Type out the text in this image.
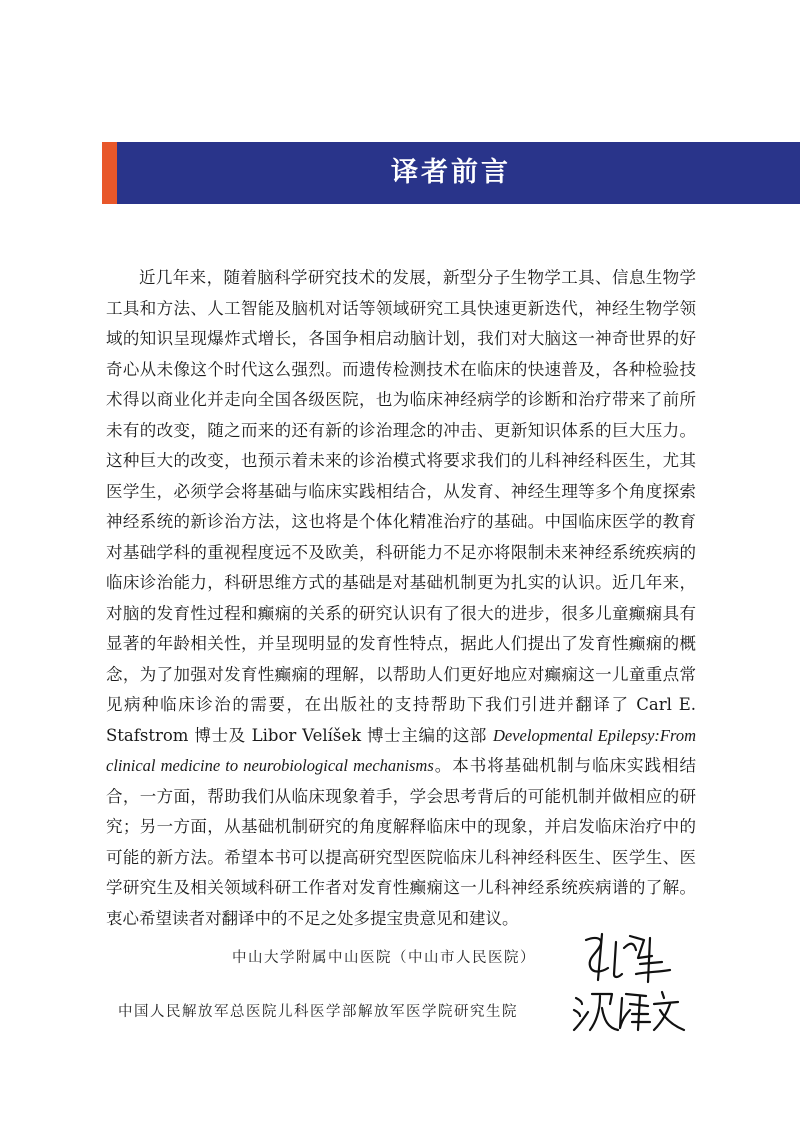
译者前言

近几年来，随着脑科学研究技术的发展，新型分子生物学工具、信息生物学工具和方法、人工智能及脑机对话等领域研究工具快速更新迭代，神经生物学领域的知识呈现爆炸式增长，各国争相启动脑计划，我们对大脑这一神奇世界的好奇心从未像这个时代这么强烈。而遗传检测技术在临床的快速普及，各种检验技术得以商业化并走向全国各级医院，也为临床神经病学的诊断和治疗带来了前所未有的改变，随之而来的还有新的诊治理念的冲击、更新知识体系的巨大压力。这种巨大的改变，也预示着未来的诊治模式将要求我们的儿科神经科医生，尤其医学生，必须学会将基础与临床实践相结合，从发育、神经生理等多个角度探索神经系统的新诊治方法，这也将是个体化精准治疗的基础。中国临床医学的教育对基础学科的重视程度远不及欧美，科研能力不足亦将限制未来神经系统疾病的临床诊治能力，科研思维方式的基础是对基础机制更为扎实的认识。近几年来，对脑的发育性过程和癫痫的关系的研究认识有了很大的进步，很多儿童癫痫具有显著的年龄相关性，并呈现明显的发育性特点，据此人们提出了发育性癫痫的概念，为了加强对发育性癫痫的理解，以帮助人们更好地应对癫痫这一儿童重点常见病种临床诊治的需要，在出版社的支持帮助下我们引进并翻译了 Carl E. Stafstrom 博士及 Libor Velíšek 博士主编的这部 Developmental Epilepsy:From clinical medicine to neurobiological mechanisms。本书将基础机制与临床实践相结合，一方面，帮助我们从临床现象着手，学会思考背后的可能机制并做相应的研究；另一方面，从基础机制研究的角度解释临床中的现象，并启发临床治疗中的可能的新方法。希望本书可以提高研究型医院临床儿科神经科医生、医学生、医学研究生及相关领域科研工作者对发育性癫痫这一儿科神经系统疾病谱的了解。衷心希望读者对翻译中的不足之处多提宝贵意见和建议。

中山大学附属中山医院（中山市人民医院）
中国人民解放军总医院儿科医学部解放军医学院研究生院
